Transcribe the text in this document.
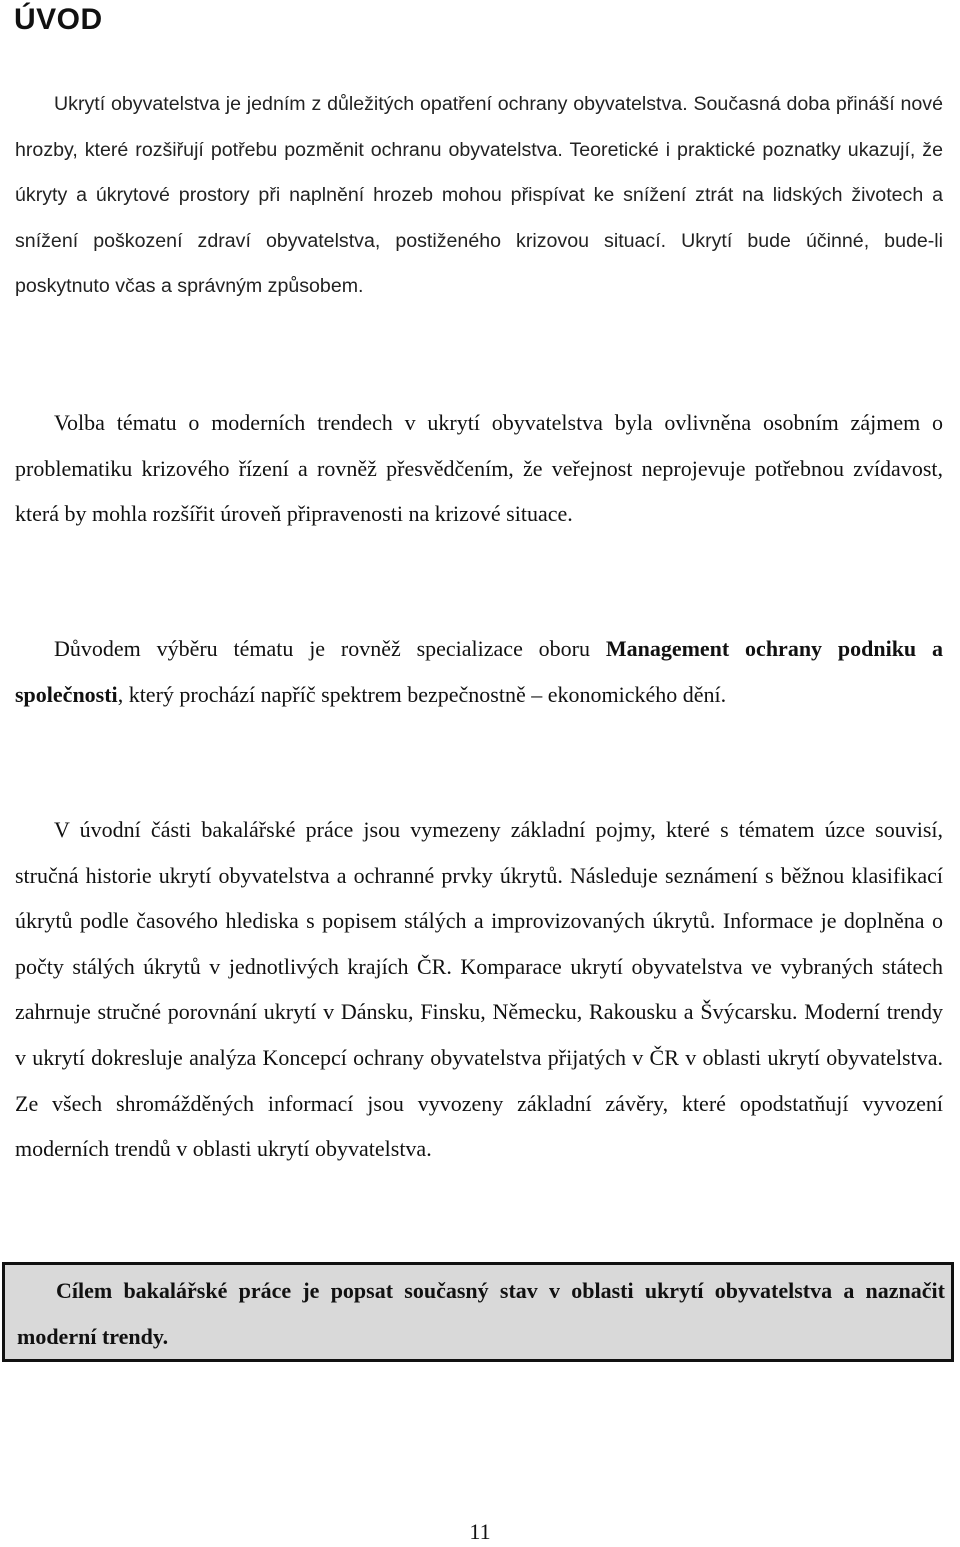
ÚVOD

Ukrytí obyvatelstva je jedním z důležitých opatření ochrany obyvatelstva. Současná doba přináší nové hrozby, které rozšiřují potřebu pozměnit ochranu obyvatelstva. Teoretické i praktické poznatky ukazují, že úkryty a úkrytové prostory při naplnění hrozeb mohou přispívat ke snížení ztrát na lidských životech a snížení poškození zdraví obyvatelstva, postiženého krizovou situací. Ukrytí bude účinné, bude-li poskytnuto včas a správným způsobem.

Volba tématu o moderních trendech v ukrytí obyvatelstva byla ovlivněna osobním zájmem o problematiku krizového řízení a rovněž přesvědčením, že veřejnost neprojevuje potřebnou zvídavost, která by mohla rozšířit úroveň připravenosti na krizové situace.

Důvodem výběru tématu je rovněž specializace oboru Management ochrany podniku a společnosti, který prochází napříč spektrem bezpečnostně – ekonomického dění.

V úvodní části bakalářské práce jsou vymezeny základní pojmy, které s tématem úzce souvisí, stručná historie ukrytí obyvatelstva a ochranné prvky úkrytů. Následuje seznámení s běžnou klasifikací úkrytů podle časového hlediska s popisem stálých a improvizovaných úkrytů. Informace je doplněna o počty stálých úkrytů v jednotlivých krajích ČR. Komparace ukrytí obyvatelstva ve vybraných státech zahrnuje stručné porovnání ukrytí v Dánsku, Finsku, Německu, Rakousku a Švýcarsku. Moderní trendy v ukrytí dokresluje analýza Koncepcí ochrany obyvatelstva přijatých v ČR v oblasti ukrytí obyvatelstva. Ze všech shromážděných informací jsou vyvozeny základní závěry, které opodstatňují vyvození moderních trendů v oblasti ukrytí obyvatelstva.

Cílem bakalářské práce je popsat současný stav v oblasti ukrytí obyvatelstva a naznačit moderní trendy.

11
